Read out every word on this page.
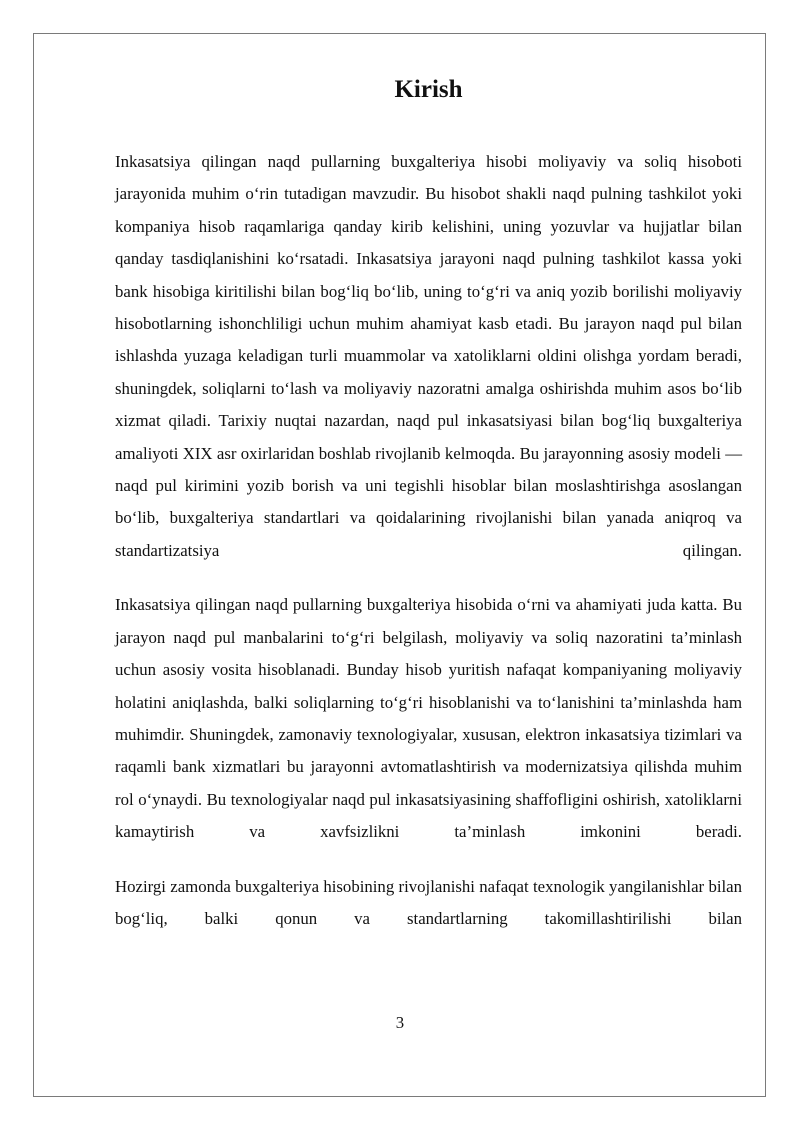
Kirish

Inkasatsiya qilingan naqd pullarning buxgalteriya hisobi moliyaviy va soliq hisoboti jarayonida muhim o‘rin tutadigan mavzudir. Bu hisobot shakli naqd pulning tashkilot yoki kompaniya hisob raqamlariga qanday kirib kelishini, uning yozuvlar va hujjatlar bilan qanday tasdiqlanishini ko‘rsatadi. Inkasatsiya jarayoni naqd pulning tashkilot kassa yoki bank hisobiga kiritilishi bilan bog‘liq bo‘lib, uning to‘g‘ri va aniq yozib borilishi moliyaviy hisobotlarning ishonchliligi uchun muhim ahamiyat kasb etadi. Bu jarayon naqd pul bilan ishlashda yuzaga keladigan turli muammolar va xatoliklarni oldini olishga yordam beradi, shuningdek, soliqlarni to‘lash va moliyaviy nazoratni amalga oshirishda muhim asos bo‘lib xizmat qiladi. Tarixiy nuqtai nazardan, naqd pul inkasatsiyasi bilan bog‘liq buxgalteriya amaliyoti XIX asr oxirlaridan boshlab rivojlanib kelmoqda. Bu jarayonning asosiy modeli — naqd pul kirimini yozib borish va uni tegishli hisoblar bilan moslashtirishga asoslangan bo‘lib, buxgalteriya standartlari va qoidalarining rivojlanishi bilan yanada aniqroq va standartizatsiya qilingan.

Inkasatsiya qilingan naqd pullarning buxgalteriya hisobida o‘rni va ahamiyati juda katta. Bu jarayon naqd pul manbalarini to‘g‘ri belgilash, moliyaviy va soliq nazoratini ta’minlash uchun asosiy vosita hisoblanadi. Bunday hisob yuritish nafaqat kompaniyaning moliyaviy holatini aniqlashda, balki soliqlarning to‘g‘ri hisoblanishi va to‘lanishini ta’minlashda ham muhimdir. Shuningdek, zamonaviy texnologiyalar, xususan, elektron inkasatsiya tizimlari va raqamli bank xizmatlari bu jarayonni avtomatlashtirish va modernizatsiya qilishda muhim rol o‘ynaydi. Bu texnologiyalar naqd pul inkasatsiyasining shaffofligini oshirish, xatoliklarni kamaytirish va xavfsizlikni ta’minlash imkonini beradi.

Hozirgi zamonda buxgalteriya hisobining rivojlanishi nafaqat texnologik yangilanishlar bilan bog‘liq, balki qonun va standartlarning takomillashtirilishi bilan

3
